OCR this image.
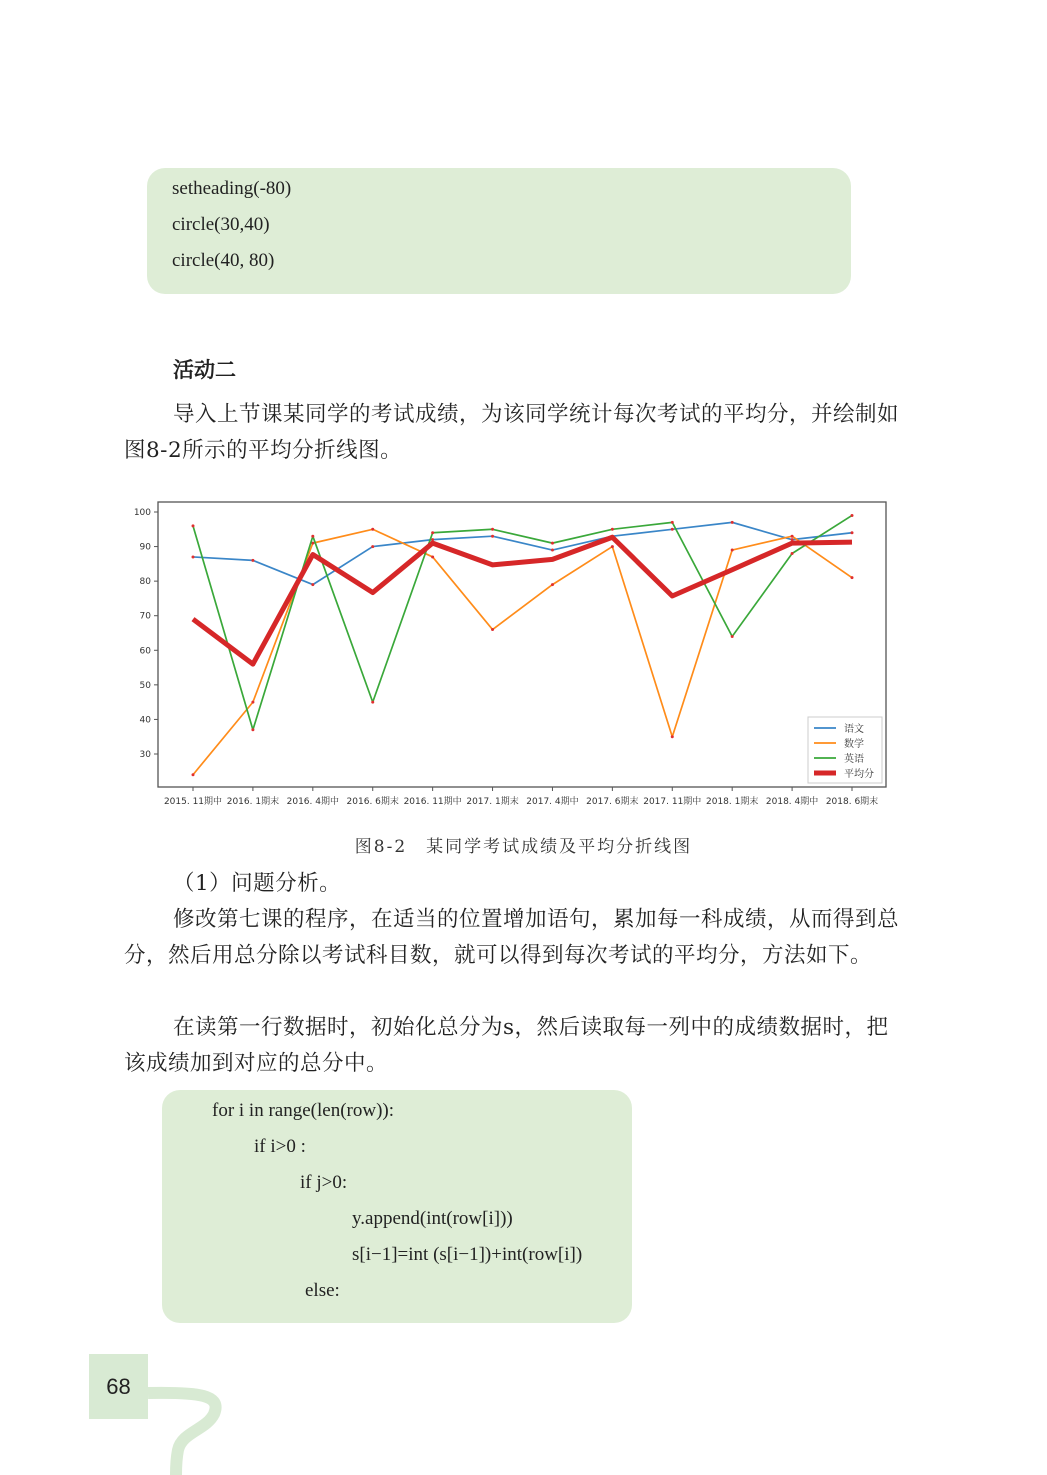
setheading(-80)
circle(30,40)
circle(40, 80)
活动二
导入上节课某同学的考试成绩，为该同学统计每次考试的平均分，并绘制如图8-2所示的平均分折线图。
30
40
50
60
70
80
90
100
2015. 11期中 2016. 1期末 2016. 4期中 2016. 6期末 2016. 11期中 2017. 1期末 2017. 4期中 2017. 6期末 2017. 11期中 2018. 1期末 2018. 4期中 2018. 6期末
语文
数学
英语
平均分
图8-2　某同学考试成绩及平均分折线图
（1）问题分析。
修改第七课的程序，在适当的位置增加语句，累加每一科成绩，从而得到总分，然后用总分除以考试科目数，就可以得到每次考试的平均分，方法如下。
在读第一行数据时，初始化总分为s，然后读取每一列中的成绩数据时，把该成绩加到对应的总分中。
for i in range(len(row)):
if i>0 :
if j>0:
y.append(int(row[i]))
s[i−1]=int (s[i−1])+int(row[i])
else:
68
